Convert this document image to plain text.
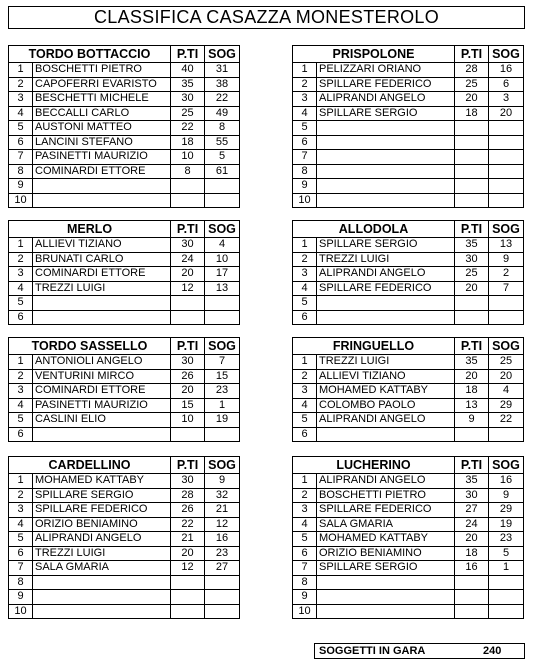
CLASSIFICA CASAZZA MONESTEROLO
TORDO BOTTACCIO		P.TI	SOG
1	BOSCHETTI PIETRO	40	31
2	CAPOFERRI EVARISTO	35	38
3	BESCHETTI MICHELE	30	22
4	BECCALLI CARLO	25	49
5	AUSTONI MATTEO	22	8
6	LANCINI STEFANO	18	55
7	PASINETTI MAURIZIO	10	5
8	COMINARDI ETTORE	8	61
9			
10			
PRISPOLONE		P.TI	SOG
1	PELIZZARI ORIANO	28	16
2	SPILLARE FEDERICO	25	6
3	ALIPRANDI ANGELO	20	3
4	SPILLARE SERGIO	18	20
5			
6			
7			
8			
9			
10			
MERLO		P.TI	SOG
1	ALLIEVI TIZIANO	30	4
2	BRUNATI CARLO	24	10
3	COMINARDI ETTORE	20	17
4	TREZZI LUIGI	12	13
5			
6			
ALLODOLA		P.TI	SOG
1	SPILLARE SERGIO	35	13
2	TREZZI LUIGI	30	9
3	ALIPRANDI ANGELO	25	2
4	SPILLARE FEDERICO	20	7
5			
6			
TORDO SASSELLO		P.TI	SOG
1	ANTONIOLI ANGELO	30	7
2	VENTURINI MIRCO	26	15
3	COMINARDI ETTORE	20	23
4	PASINETTI MAURIZIO	15	1
5	CASLINI ELIO	10	19
6			
FRINGUELLO		P.TI	SOG
1	TREZZI LUIGI	35	25
2	ALLIEVI TIZIANO	20	20
3	MOHAMED KATTABY	18	4
4	COLOMBO PAOLO	13	29
5	ALIPRANDI ANGELO	9	22
6			
CARDELLINO		P.TI	SOG
1	MOHAMED KATTABY	30	9
2	SPILLARE SERGIO	28	32
3	SPILLARE FEDERICO	26	21
4	ORIZIO BENIAMINO	22	12
5	ALIPRANDI ANGELO	21	16
6	TREZZI LUIGI	20	23
7	SALA GMARIA	12	27
8			
9			
10			
LUCHERINO		P.TI	SOG
1	ALIPRANDI ANGELO	35	16
2	BOSCHETTI PIETRO	30	9
3	SPILLARE FEDERICO	27	29
4	SALA GMARIA	24	19
5	MOHAMED KATTABY	20	23
6	ORIZIO BENIAMINO	18	5
7	SPILLARE SERGIO	16	1
8			
9			
10			
SOGGETTI IN GARA	240
